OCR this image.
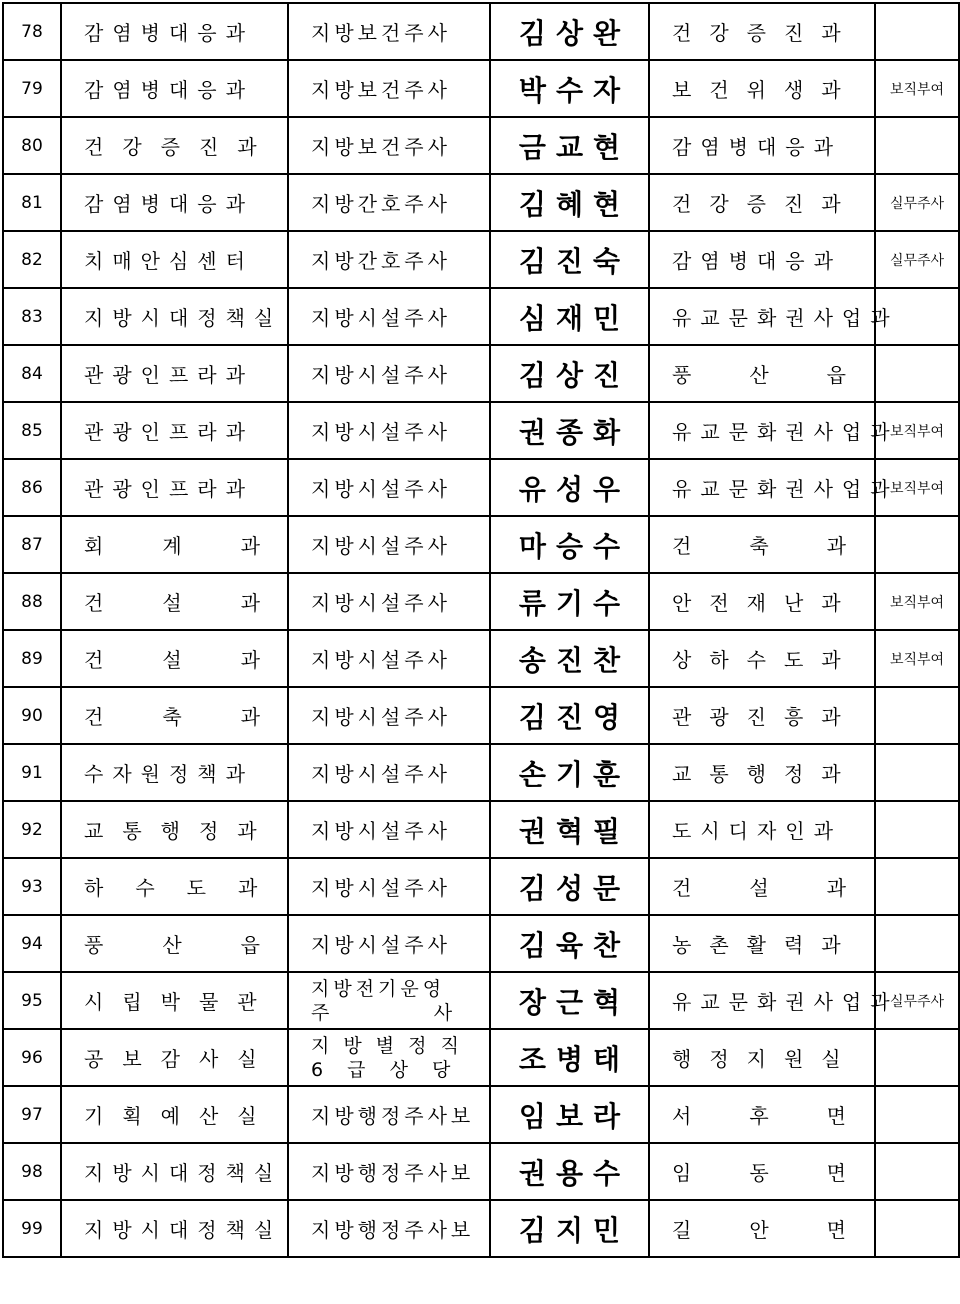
78	감염병대응과	지방보건주사	김상완	건강증진과	
79	감염병대응과	지방보건주사	박수자	보건위생과	보직부여
80	건강증진과	지방보건주사	금교현	감염병대응과	
81	감염병대응과	지방간호주사	김혜현	건강증진과	실무주사
82	치매안심센터	지방간호주사	김진숙	감염병대응과	실무주사
83	지방시대정책실	지방시설주사	심재민	유교문화권사업과	
84	관광인프라과	지방시설주사	김상진	풍산읍	
85	관광인프라과	지방시설주사	권종화	유교문화권사업과	보직부여
86	관광인프라과	지방시설주사	유성우	유교문화권사업과	보직부여
87	회계과	지방시설주사	마승수	건축과	
88	건설과	지방시설주사	류기수	안전재난과	보직부여
89	건설과	지방시설주사	송진찬	상하수도과	보직부여
90	건축과	지방시설주사	김진영	관광진흥과	
91	수자원정책과	지방시설주사	손기훈	교통행정과	
92	교통행정과	지방시설주사	권혁필	도시디자인과	
93	하수도과	지방시설주사	김성문	건설과	
94	풍산읍	지방시설주사	김육찬	농촌활력과	
95	시립박물관	지방전기운영
주          사	장근혁	유교문화권사업과	실무주사
96	공보감사실	지 방 별 정 직
6  급  상  당	조병태	행정지원실	
97	기획예산실	지방행정주사보	임보라	서후면	
98	지방시대정책실	지방행정주사보	권용수	임동면	
99	지방시대정책실	지방행정주사보	김지민	길안면	
